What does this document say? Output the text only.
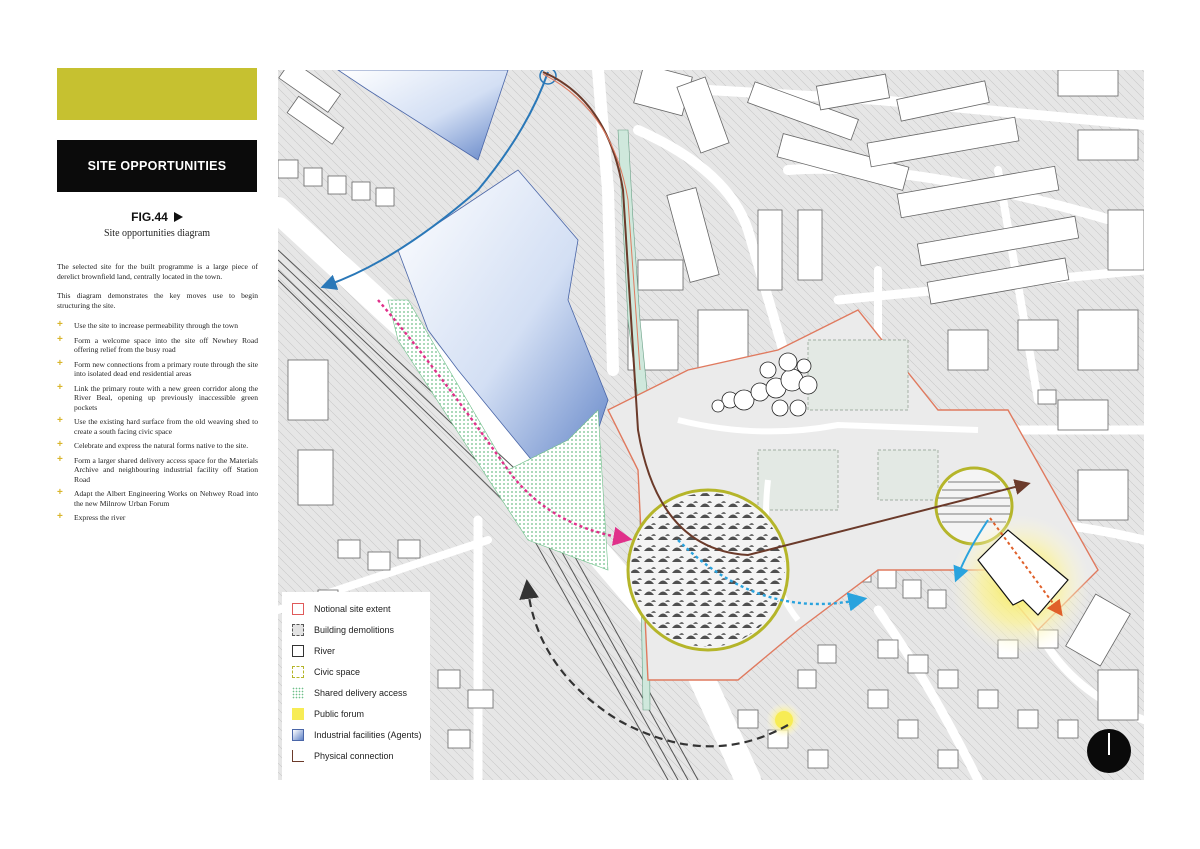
SITE OPPORTUNITIES
FIG.44
Site opportunities diagram
The selected site for the built programme is a large piece of derelict brownfield land, centrally located in the town.
This diagram demonstrates the key moves use to begin structuring the site.
+ Use the site to increase permeability through the town
+ Form a welcome space into the site off Newhey Road offering relief from the busy road
+ Form new connections from a primary route through the site into isolated dead end residential areas
+ Link the primary route with a new green corridor along the River Beal, opening up previously inaccessible green pockets
+ Use the existing hard surface from the old weaving shed to create a south facing civic space
+ Celebrate and express the natural forms native to the site.
+ Form a larger shared delivery access space for the Materials Archive and neighbouring industrial facility off Station Road
+ Adapt the Albert Engineering Works on Nehwey Road into the new Milnrow Urban Forum
+ Express the river
Notional site extent
Building demolitions
River
Civic space
Shared delivery access
Public forum
Industrial facilities (Agents)
Physical connection
